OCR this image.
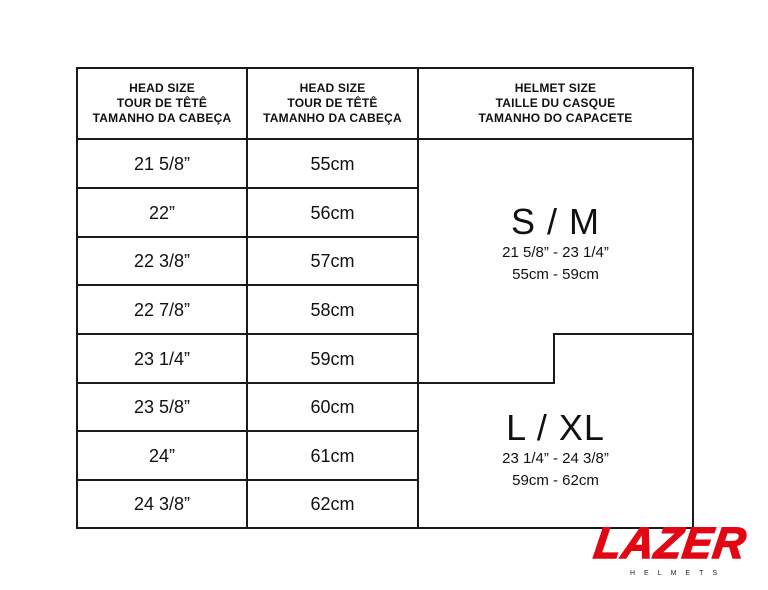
HEAD SIZE
TOUR DE TÊTÊ
TAMANHO DA CABEÇA
HEAD SIZE
TOUR DE TÊTÊ
TAMANHO DA CABEÇA
HELMET SIZE
TAILLE DU CASQUE
TAMANHO DO CAPACETE
21 5/8”
22”
22 3/8”
22 7/8”
23 1/4”
23 5/8”
24”
24 3/8”
55cm
56cm
57cm
58cm
59cm
60cm
61cm
62cm
S / M
21 5/8” - 23 1/4”
55cm - 59cm
L / XL
23 1/4” - 24 3/8”
59cm - 62cm
LAZER
HELMETS
